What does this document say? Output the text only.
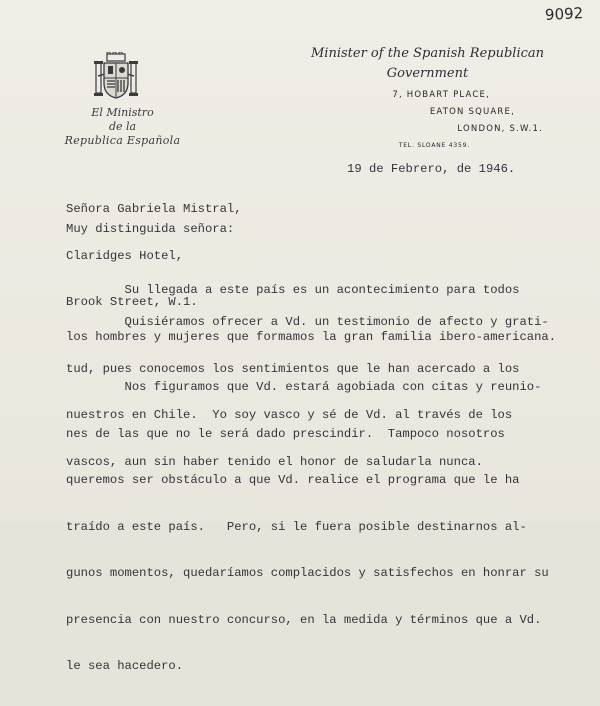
9092
El Ministro
de la
Republica Española
Minister of the Spanish Republican
Government
7, HOBART PLACE,
EATON SQUARE,
LONDON, S.W.1.
TEL. SLOANE 4359.
19 de Febrero, de 1946.

Señora Gabriela Mistral,

Claridges Hotel,

Brook Street, W.1.

Muy distinguida señora:

Su llegada a este país es un acontecimiento para todos

los hombres y mujeres que formamos la gran familia ibero-americana.

Quisiéramos ofrecer a Vd. un testimonio de afecto y grati-

tud, pues conocemos los sentimientos que le han acercado a los

nuestros en Chile.  Yo soy vasco y sé de Vd. al través de los

vascos, aun sin haber tenido el honor de saludarla nunca.

Nos figuramos que Vd. estará agobiada con citas y reunio-

nes de las que no le será dado prescindir.  Tampoco nosotros

queremos ser obstáculo a que Vd. realice el programa que le ha

traído a este país.   Pero, si le fuera posible destinarnos al-

gunos momentos, quedaríamos complacidos y satisfechos en honrar su

presencia con nuestro concurso, en la medida y términos que a Vd.

le sea hacedero.
